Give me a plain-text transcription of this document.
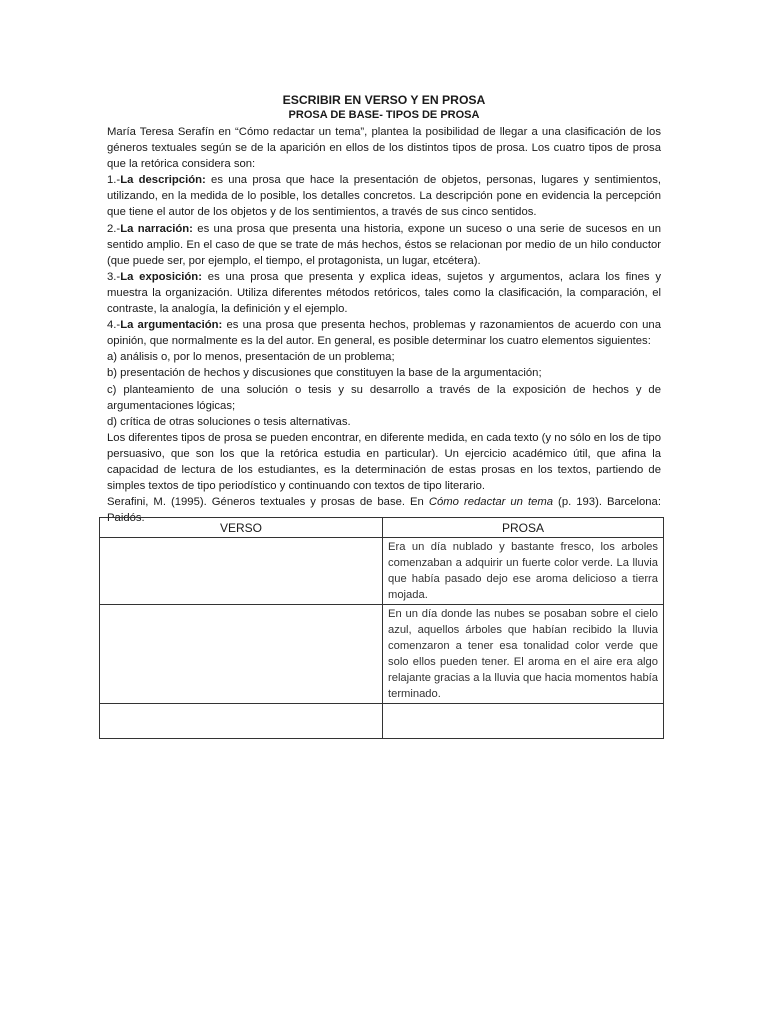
ESCRIBIR EN VERSO Y EN PROSA
PROSA DE BASE- TIPOS DE PROSA

María Teresa Serafín en “Cómo redactar un tema”, plantea la posibilidad de llegar a una clasificación de los géneros textuales según se de la aparición en ellos de los distintos tipos de prosa. Los cuatro tipos de prosa que la retórica considera son:

1.-La descripción: es una prosa que hace la presentación de objetos, personas, lugares y sentimientos, utilizando, en la medida de lo posible, los detalles concretos. La descripción pone en evidencia la percepción que tiene el autor de los objetos y de los sentimientos, a través de sus cinco sentidos.

2.-La narración: es una prosa que presenta una historia, expone un suceso o una serie de sucesos en un sentido amplio. En el caso de que se trate de más hechos, éstos se relacionan por medio de un hilo conductor (que puede ser, por ejemplo, el tiempo, el protagonista, un lugar, etcétera).

3.-La exposición: es una prosa que presenta y explica ideas, sujetos y argumentos, aclara los fines y muestra la organización. Utiliza diferentes métodos retóricos, tales como la clasificación, la comparación, el contraste, la analogía, la definición y el ejemplo.

4.-La argumentación: es una prosa que presenta hechos, problemas y razonamientos de acuerdo con una opinión, que normalmente es la del autor. En general, es posible determinar los cuatro elementos siguientes:

a) análisis o, por lo menos, presentación de un problema;

b) presentación de hechos y discusiones que constituyen la base de la argumentación;

c) planteamiento de una solución o tesis y su desarrollo a través de la exposición de hechos y de argumentaciones lógicas;

d) crítica de otras soluciones o tesis alternativas.

Los diferentes tipos de prosa se pueden encontrar, en diferente medida, en cada texto (y no sólo en los de tipo persuasivo, que son los que la retórica estudia en particular). Un ejercicio académico útil, que afina la capacidad de lectura de los estudiantes, es la determinación de estas prosas en los textos, partiendo de simples textos de tipo periodístico y continuando con textos de tipo literario.

Serafini, M. (1995). Géneros textuales y prosas de base. En Cómo redactar un tema (p. 193). Barcelona: Paidós.

VERSO	PROSA
	Era un día nublado y bastante fresco, los arboles comenzaban a adquirir un fuerte color verde. La lluvia que había pasado dejo ese aroma delicioso a tierra mojada.
	En un día donde las nubes se posaban sobre el cielo azul, aquellos árboles que habían recibido la lluvia comenzaron a tener esa tonalidad color verde que solo ellos pueden tener. El aroma en el aire era algo relajante gracias a la lluvia que hacia momentos había terminado.
